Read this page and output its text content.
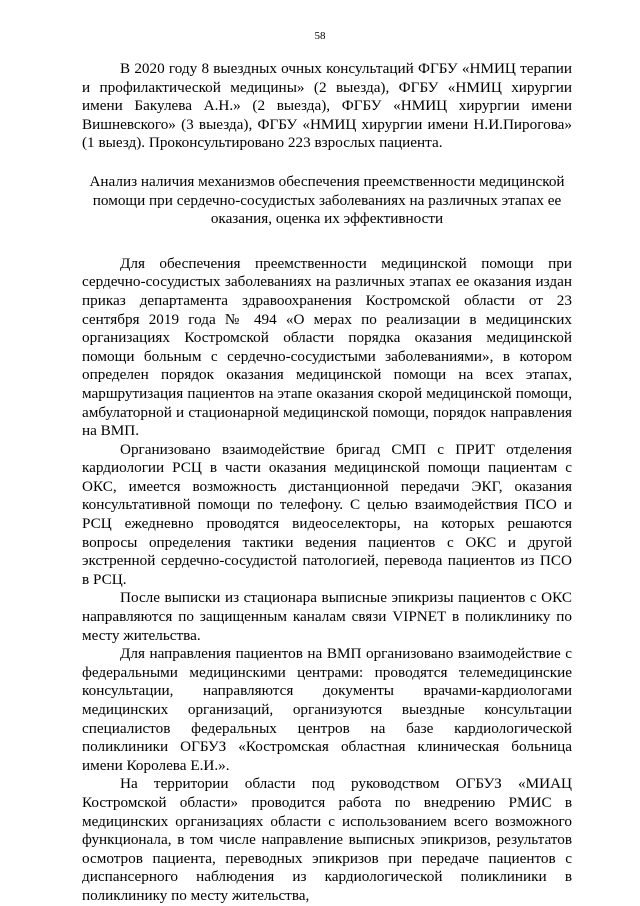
58

В 2020 году 8 выездных очных консультаций ФГБУ «НМИЦ терапии и профилактической медицины» (2 выезда), ФГБУ «НМИЦ хирургии имени Бакулева А.Н.» (2 выезда), ФГБУ «НМИЦ хирургии имени Вишневского» (3 выезда), ФГБУ «НМИЦ хирургии имени Н.И.Пирогова» (1 выезд). Проконсультировано 223 взрослых пациента.

Анализ наличия механизмов обеспечения преемственности медицинской помощи при сердечно-сосудистых заболеваниях на различных этапах ее оказания, оценка их эффективности

Для обеспечения преемственности медицинской помощи при сердечно-сосудистых заболеваниях на различных этапах ее оказания издан приказ департамента здравоохранения Костромской области от 23 сентября 2019 года № 494 «О мерах по реализации в медицинских организациях Костромской области порядка оказания медицинской помощи больным с сердечно-сосудистыми заболеваниями», в котором определен порядок оказания медицинской помощи на всех этапах, маршрутизация пациентов на этапе оказания скорой медицинской помощи, амбулаторной и стационарной медицинской помощи, порядок направления на ВМП.

Организовано взаимодействие бригад СМП с ПРИТ отделения кардиологии РСЦ в части оказания медицинской помощи пациентам с ОКС, имеется возможность дистанционной передачи ЭКГ, оказания консультативной помощи по телефону. С целью взаимодействия ПСО и РСЦ ежедневно проводятся видеоселекторы, на которых решаются вопросы определения тактики ведения пациентов с ОКС и другой экстренной сердечно-сосудистой патологией, перевода пациентов из ПСО в РСЦ.

После выписки из стационара выписные эпикризы пациентов с ОКС направляются по защищенным каналам связи VIPNET в поликлинику по месту жительства.

Для направления пациентов на ВМП организовано взаимодействие с федеральными медицинскими центрами: проводятся телемедицинские консультации, направляются документы врачами-кардиологами медицинских организаций, организуются выездные консультации специалистов федеральных центров на базе кардиологической поликлиники ОГБУЗ «Костромская областная клиническая больница имени Королева Е.И.».

На территории области под руководством ОГБУЗ «МИАЦ Костромской области» проводится работа по внедрению РМИС в медицинских организациях области с использованием всего возможного функционала, в том числе направление выписных эпикризов, результатов осмотров пациента, переводных эпикризов при передаче пациентов с диспансерного наблюдения из кардиологической поликлиники в поликлинику по месту жительства,
